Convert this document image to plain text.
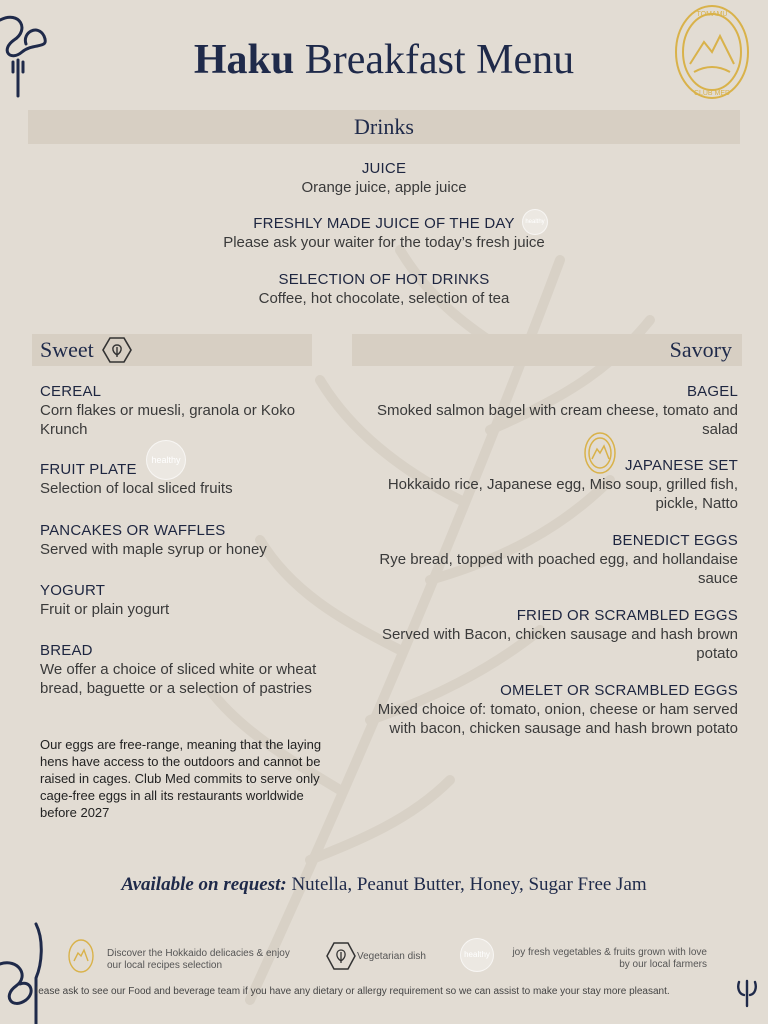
TOMAMU
CLUB MED
Haku Breakfast Menu
Drinks
JUICE
Orange juice, apple juice
FRESHLY MADE JUICE OF THE DAY
Please ask your waiter for the today’s fresh juice
healthy
SELECTION OF HOT DRINKS
Coffee, hot chocolate, selection of tea
Sweet	Savory
CEREAL
Corn flakes or muesli, granola or Koko Krunch
FRUIT PLATE
Selection of local sliced fruits
healthy
PANCAKES OR WAFFLES
Served with maple syrup or honey
YOGURT
Fruit or plain yogurt
BREAD
We offer a choice of sliced white or wheat bread, baguette or a selection of pastries
Our eggs are free-range, meaning that the laying hens have access to the outdoors and cannot be raised in cages. Club Med commits to serve only cage-free eggs in all its restaurants worldwide before 2027
BAGEL
Smoked salmon bagel with cream cheese, tomato and salad
JAPANESE SET
Hokkaido rice, Japanese egg, Miso soup, grilled fish, pickle, Natto
BENEDICT EGGS
Rye bread, topped with poached egg, and hollandaise sauce
FRIED OR SCRAMBLED EGGS
Served with Bacon, chicken sausage and hash brown potato
OMELET OR SCRAMBLED EGGS
Mixed choice of: tomato, onion, cheese or ham served with bacon, chicken sausage and hash brown potato
Available on request: Nutella, Peanut Butter, Honey, Sugar Free Jam
Discover the Hokkaido delicacies & enjoy our local recipes selection
Vegetarian dish	healthy	joy fresh vegetables & fruits grown with love
by our local farmers
lease ask to see our Food and beverage team if you have any dietary or allergy requirement so we can assist to make your stay more pleasant.
